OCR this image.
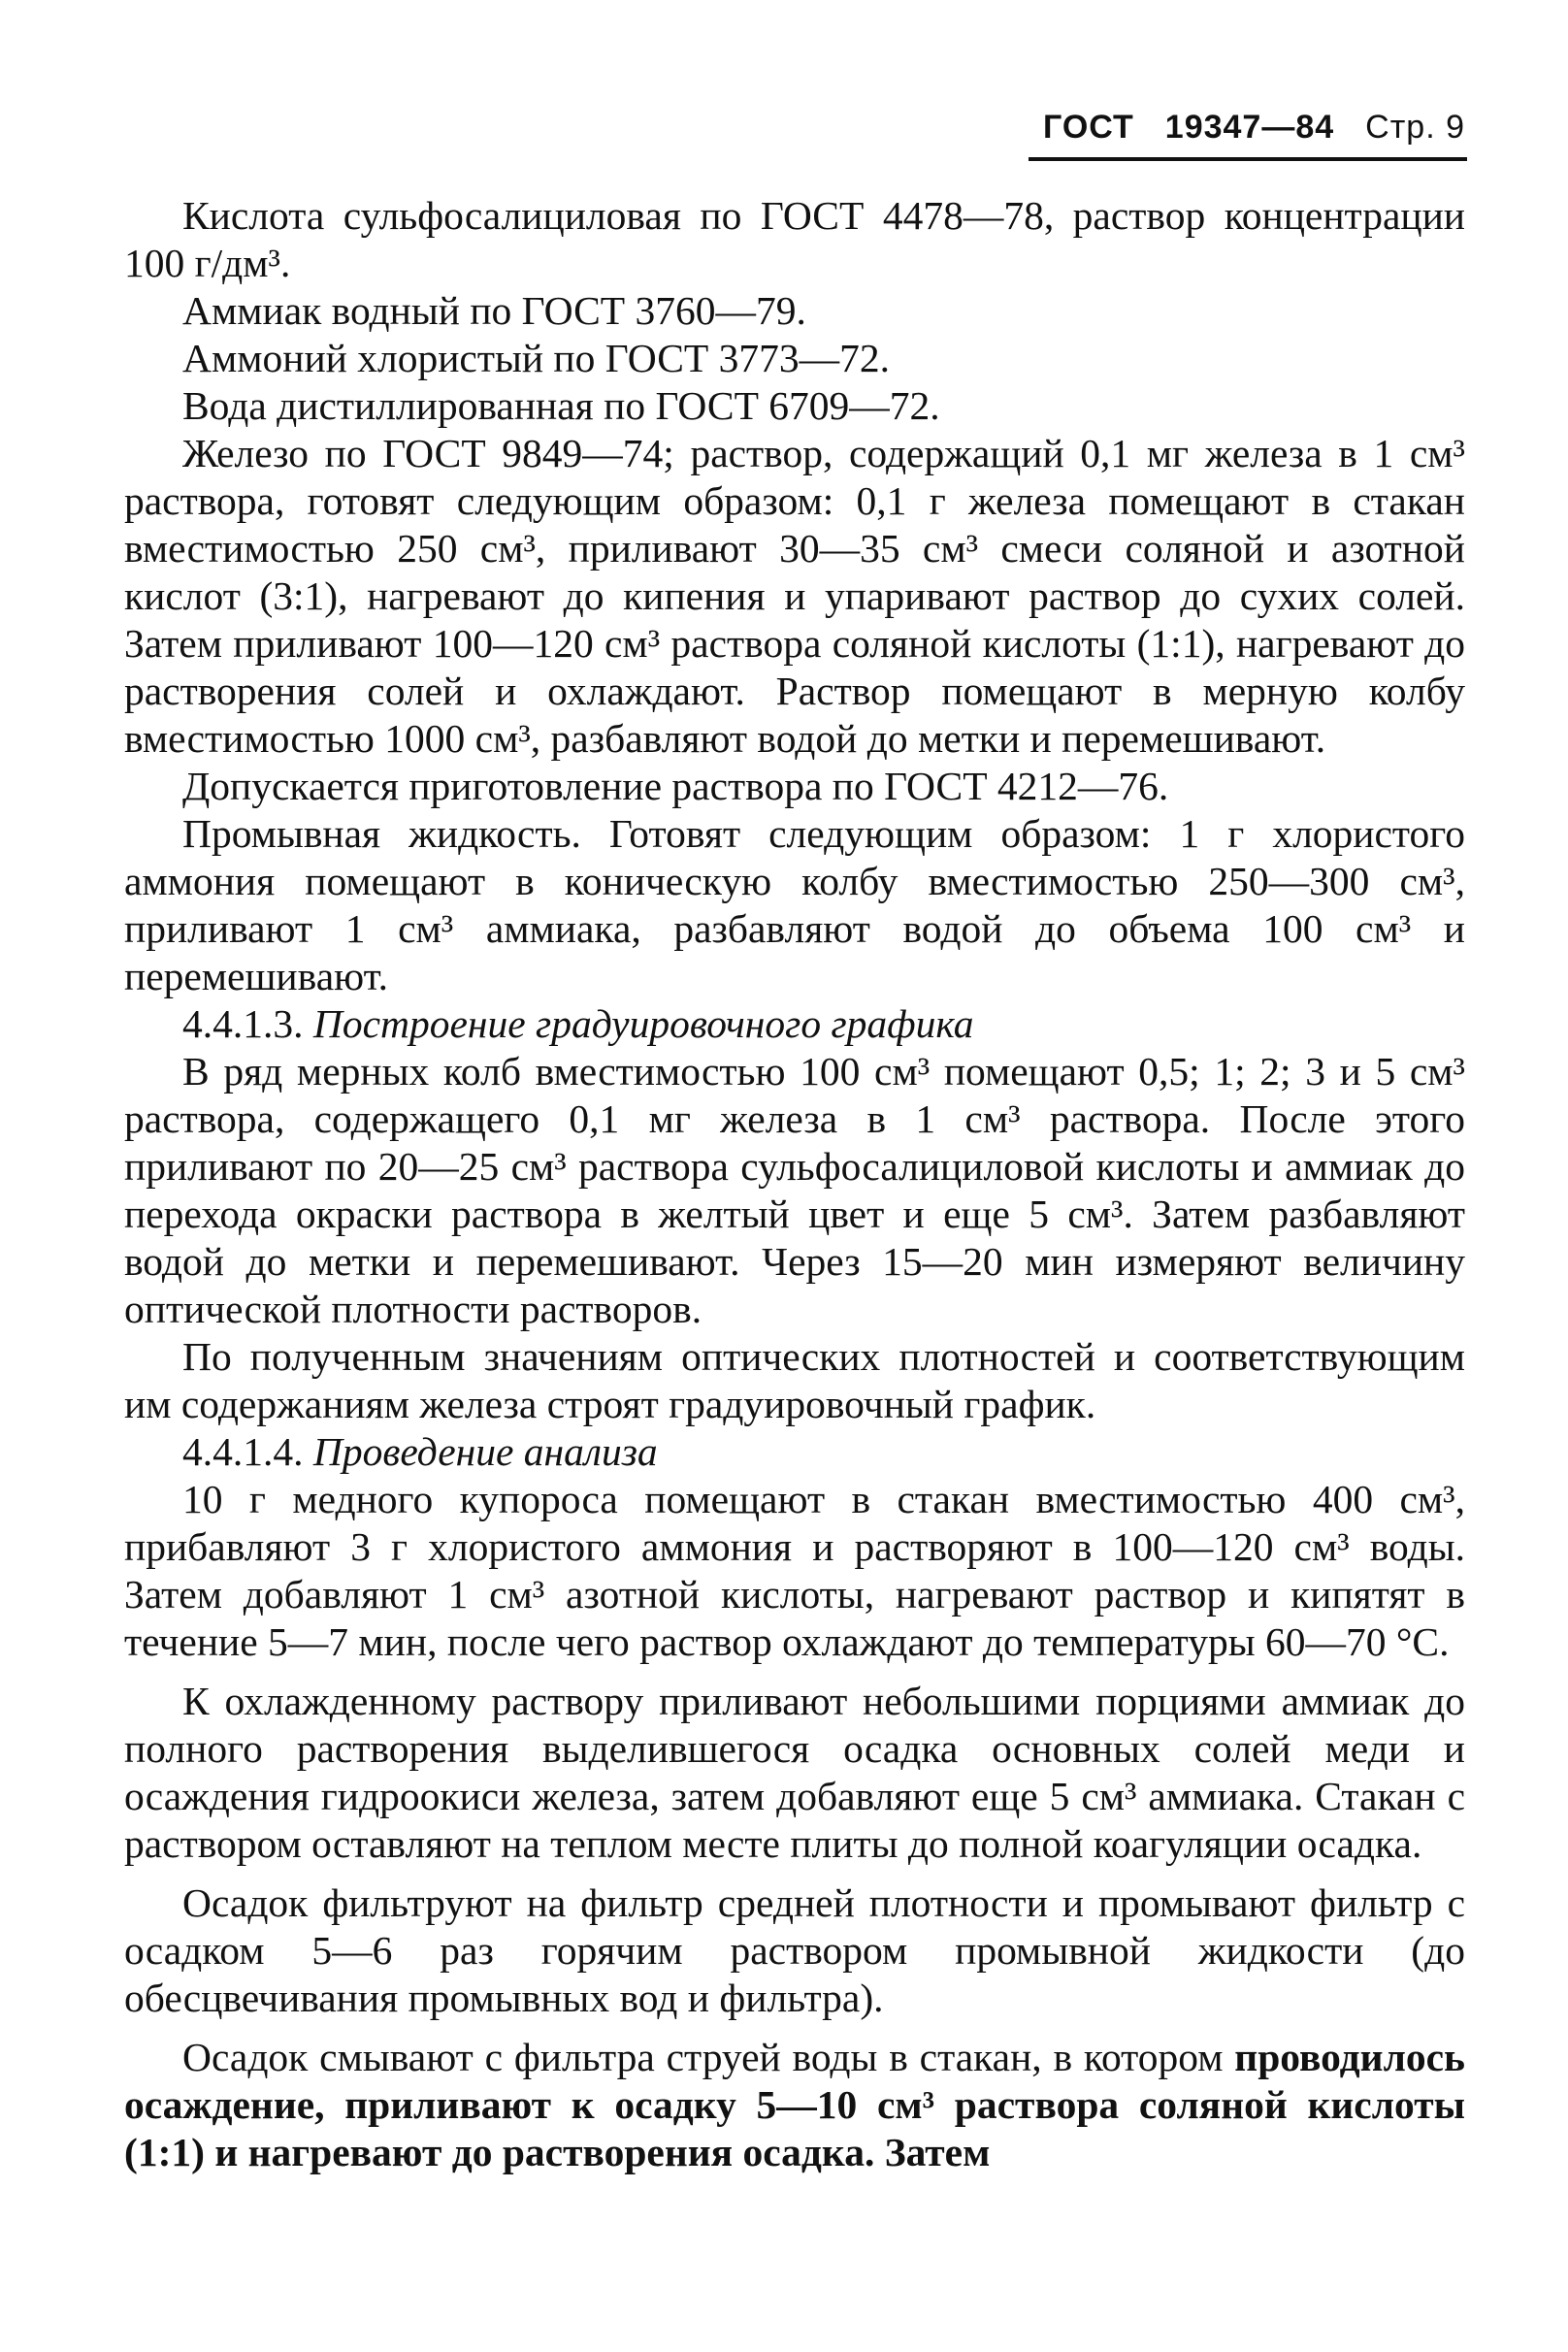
ГОСТ 19347—84 Стр. 9

Кислота сульфосалициловая по ГОСТ 4478—78, раствор концентрации 100 г/дм³.

Аммиак водный по ГОСТ 3760—79.

Аммоний хлористый по ГОСТ 3773—72.

Вода дистиллированная по ГОСТ 6709—72.

Железо по ГОСТ 9849—74; раствор, содержащий 0,1 мг железа в 1 см³ раствора, готовят следующим образом: 0,1 г железа помещают в стакан вместимостью 250 см³, приливают 30—35 см³ смеси соляной и азотной кислот (3:1), нагревают до кипения и упаривают раствор до сухих солей. Затем приливают 100—120 см³ раствора соляной кислоты (1:1), нагревают до растворения солей и охлаждают. Раствор помещают в мерную колбу вместимостью 1000 см³, разбавляют водой до метки и перемешивают.

Допускается приготовление раствора по ГОСТ 4212—76.

Промывная жидкость. Готовят следующим образом: 1 г хлористого аммония помещают в коническую колбу вместимостью 250—300 см³, приливают 1 см³ аммиака, разбавляют водой до объема 100 см³ и перемешивают.

4.4.1.3. Построение градуировочного графика

В ряд мерных колб вместимостью 100 см³ помещают 0,5; 1; 2; 3 и 5 см³ раствора, содержащего 0,1 мг железа в 1 см³ раствора. После этого приливают по 20—25 см³ раствора сульфосалициловой кислоты и аммиак до перехода окраски раствора в желтый цвет и еще 5 см³. Затем разбавляют водой до метки и перемешивают. Через 15—20 мин измеряют величину оптической плотности растворов.

По полученным значениям оптических плотностей и соответствующим им содержаниям железа строят градуировочный график.

4.4.1.4. Проведение анализа

10 г медного купороса помещают в стакан вместимостью 400 см³, прибавляют 3 г хлористого аммония и растворяют в 100—120 см³ воды. Затем добавляют 1 см³ азотной кислоты, нагревают раствор и кипятят в течение 5—7 мин, после чего раствор охлаждают до температуры 60—70 °С.

К охлажденному раствору приливают небольшими порциями аммиак до полного растворения выделившегося осадка основных солей меди и осаждения гидроокиси железа, затем добавляют еще 5 см³ аммиака. Стакан с раствором оставляют на теплом месте плиты до полной коагуляции осадка.

Осадок фильтруют на фильтр средней плотности и промывают фильтр с осадком 5—6 раз горячим раствором промывной жидкости (до обесцвечивания промывных вод и фильтра).

Осадок смывают с фильтра струей воды в стакан, в котором проводилось осаждение, приливают к осадку 5—10 см³ раствора соляной кислоты (1:1) и нагревают до растворения осадка. Затем
